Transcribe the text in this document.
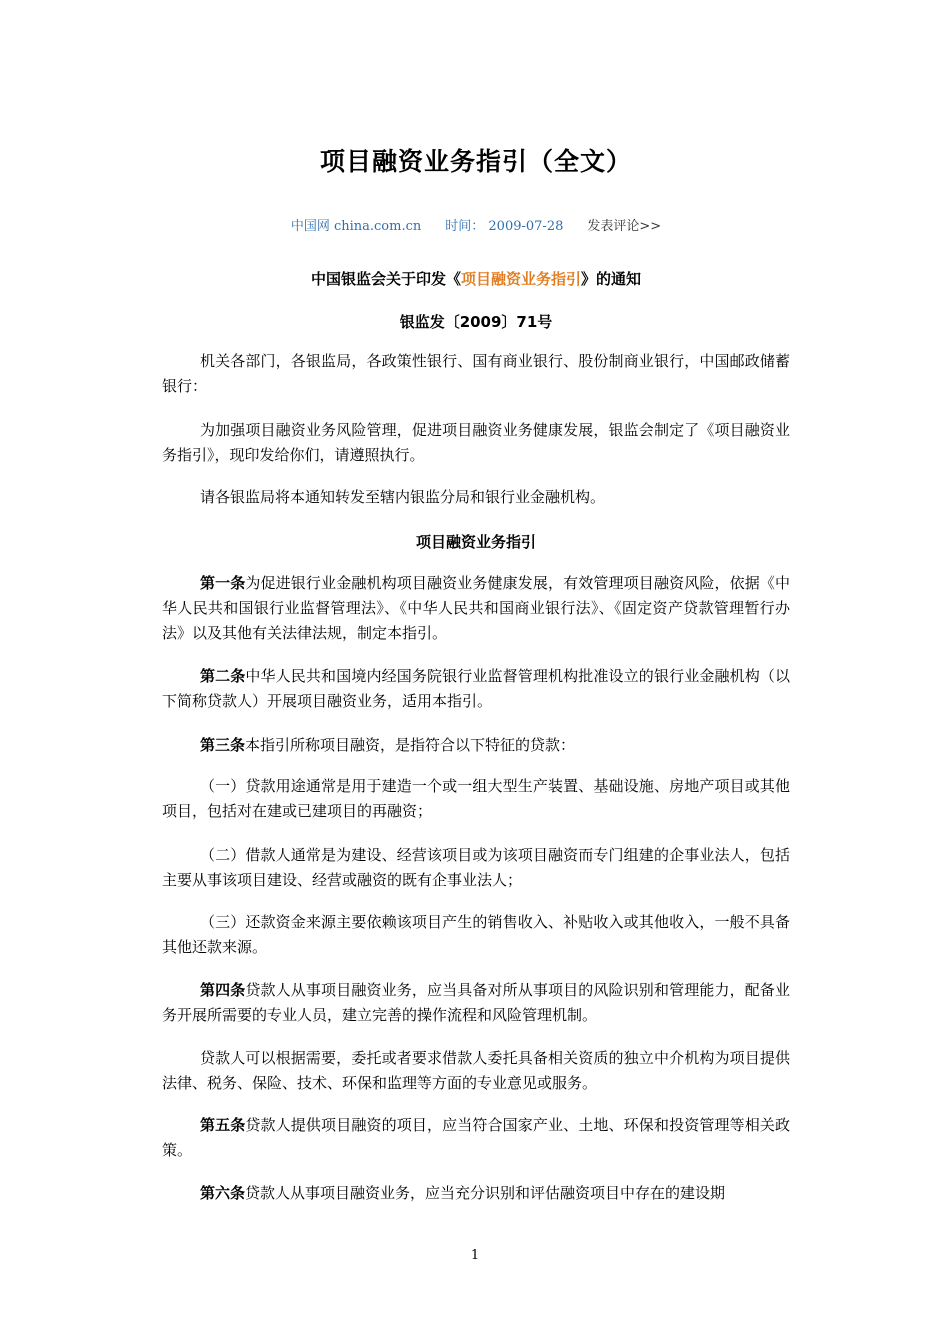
项目融资业务指引（全文）
中国网 china.com.cn 时间： 2009-07-28 发表评论>>
中国银监会关于印发《项目融资业务指引》的通知
银监发〔2009〕71号
机关各部门，各银监局，各政策性银行、国有商业银行、股份制商业银行，中国邮政储蓄银行：
为加强项目融资业务风险管理，促进项目融资业务健康发展，银监会制定了《项目融资业务指引》，现印发给你们，请遵照执行。
请各银监局将本通知转发至辖内银监分局和银行业金融机构。
项目融资业务指引
第一条为促进银行业金融机构项目融资业务健康发展，有效管理项目融资风险，依据《中华人民共和国银行业监督管理法》、《中华人民共和国商业银行法》、《固定资产贷款管理暂行办法》以及其他有关法律法规，制定本指引。
第二条中华人民共和国境内经国务院银行业监督管理机构批准设立的银行业金融机构（以下简称贷款人）开展项目融资业务，适用本指引。
第三条本指引所称项目融资，是指符合以下特征的贷款：
（一）贷款用途通常是用于建造一个或一组大型生产装置、基础设施、房地产项目或其他项目，包括对在建或已建项目的再融资；
（二）借款人通常是为建设、经营该项目或为该项目融资而专门组建的企事业法人，包括主要从事该项目建设、经营或融资的既有企事业法人；
（三）还款资金来源主要依赖该项目产生的销售收入、补贴收入或其他收入，一般不具备其他还款来源。
第四条贷款人从事项目融资业务，应当具备对所从事项目的风险识别和管理能力，配备业务开展所需要的专业人员，建立完善的操作流程和风险管理机制。
贷款人可以根据需要，委托或者要求借款人委托具备相关资质的独立中介机构为项目提供法律、税务、保险、技术、环保和监理等方面的专业意见或服务。
第五条贷款人提供项目融资的项目，应当符合国家产业、土地、环保和投资管理等相关政策。
第六条贷款人从事项目融资业务，应当充分识别和评估融资项目中存在的建设期
1
